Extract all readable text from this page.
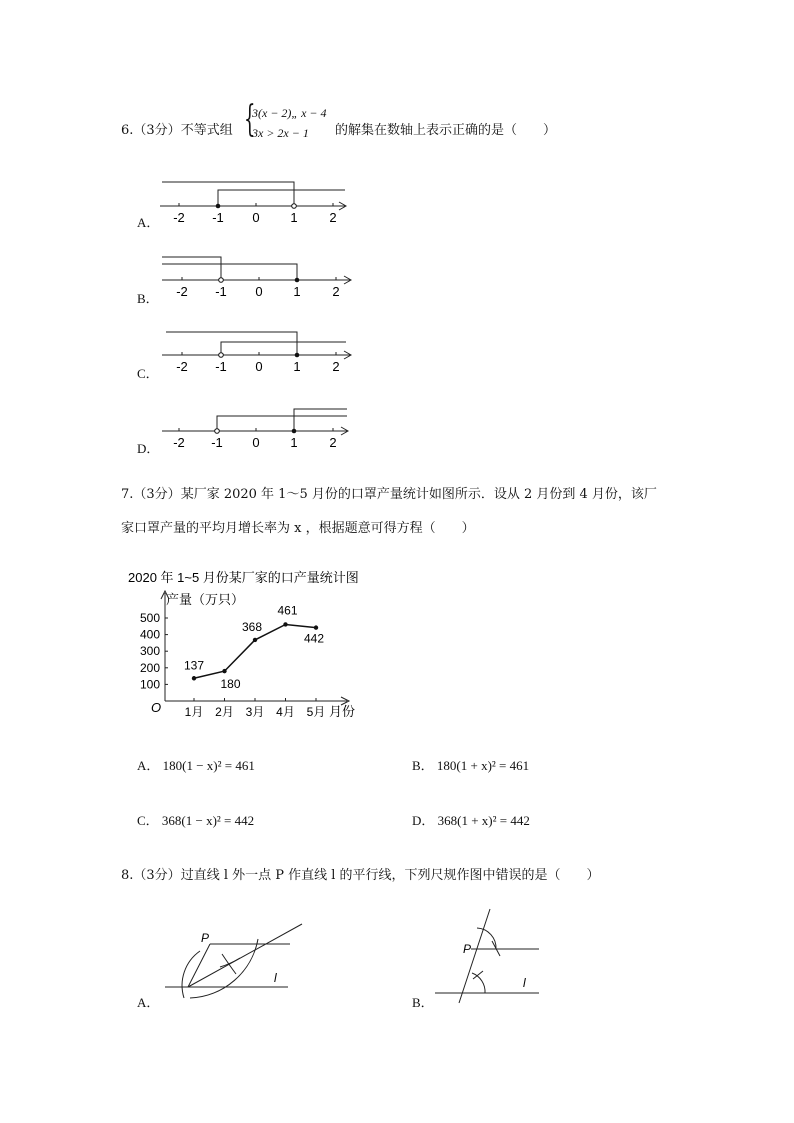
6.（3分）不等式组 {
3(x − 2)„ x − 4
3x > 2x − 1 的解集在数轴上表示正确的是（　　）
A．
B．
C．
D．
-2 -1 0 1 2
-2 -1 0 1 2
-2 -1 0 1 2
-2 -1 0 1 2
7.（3分）某厂家 2020 年 1～5 月份的口罩产量统计如图所示．设从 2 月份到 4 月份，该厂
家口罩产量的平均月增长率为 x ，根据题意可得方程（　　）
2020 年 1~5 月份某厂家的口产量统计图
产量（万只）
月份
O
100
200
300
400
500
1月 2月 3月 4月 5月
137
180
368
461
442
A． 180(1 − x)² = 461	B． 180(1 + x)² = 461
C． 368(1 − x)² = 442	D． 368(1 + x)² = 442
8.（3分）过直线 l 外一点 P 作直线 l 的平行线，下列尺规作图中错误的是（　　）
A．	B．
P
l
P
l
